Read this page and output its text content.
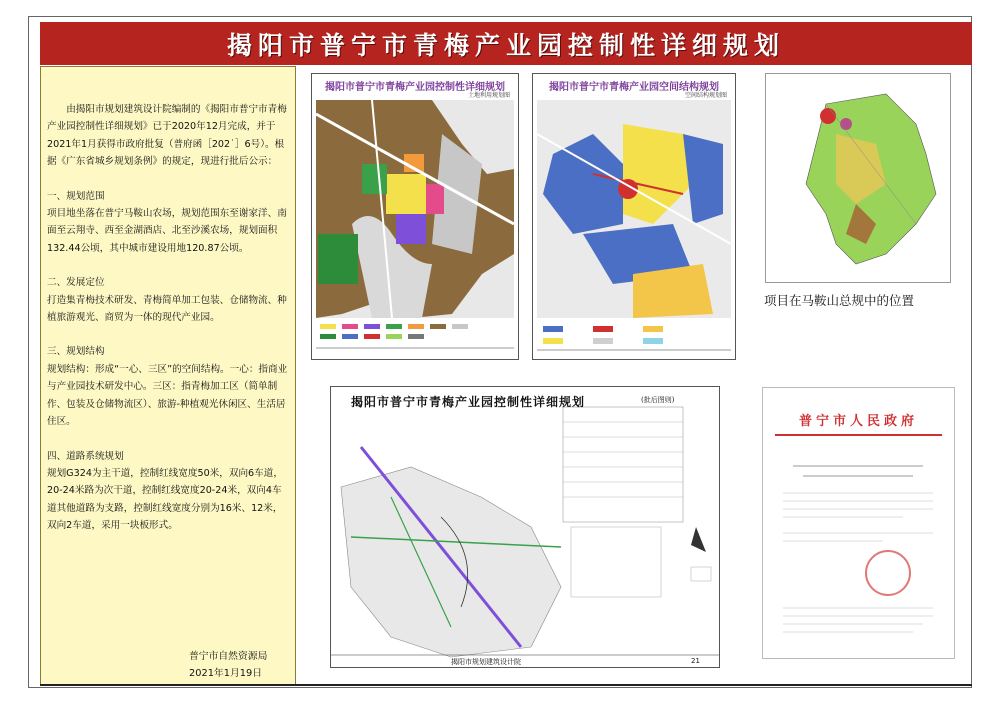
揭阳市普宁市青梅产业园控制性详细规划

由揭阳市规划建筑设计院编制的《揭阳市普宁市青梅产业园控制性详细规划》已于2020年12月完成，并于2021年1月获得市政府批复（普府函［202˙］6号）。根据《广东省城乡规划条例》的规定，现进行批后公示：

一、规划范围

项目地坐落在普宁马鞍山农场，规划范围东至谢家洋、南面至云翔寺、西至金湖酒店、北至沙溪农场，规划面积132.44公顷，其中城市建设用地120.87公顷。

二、发展定位

打造集青梅技术研发、青梅简单加工包装、仓储物流、种植旅游观光、商贸为一体的现代产业园。

三、规划结构

规划结构：形成“一心、三区”的空间结构。一心：指商业与产业园技术研发中心。三区：指青梅加工区（简单制作、包装及仓储物流区）、旅游-种植观光休闲区、生活居住区。

四、道路系统规划

规划G324为主干道，控制红线宽度50米，双向6车道，20-24米路为次干道，控制红线宽度20-24米，双向4车道其他道路为支路，控制红线宽度分别为16米、12米，双向2车道，采用一块板形式。

普宁市自然资源局
2021年1月19日
揭阳市普宁市青梅产业园控制性详细规划
土地利用规划图
揭阳市普宁市青梅产业园空间结构规划
空间结构规划图
项目在马鞍山总规中的位置
揭阳市普宁市青梅产业园控制性详细规划	(批后图则)
揭阳市规划建筑设计院	21
普宁市人民政府
